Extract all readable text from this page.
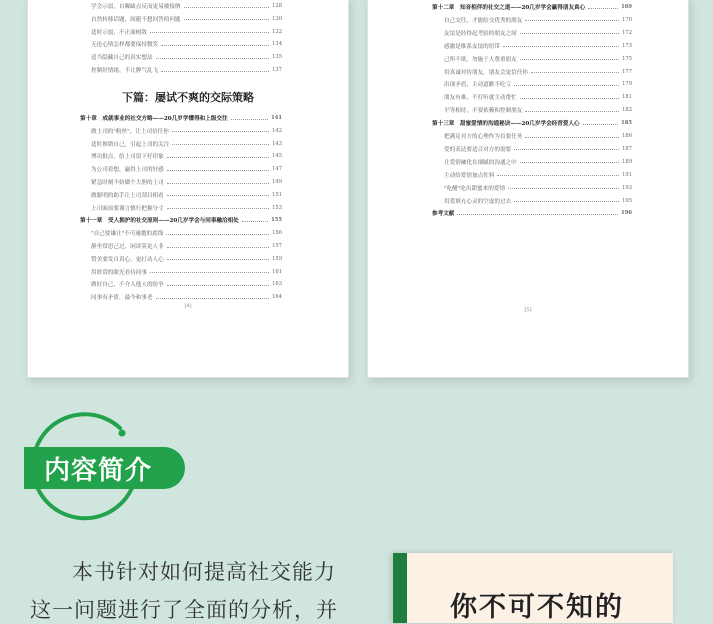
学会示弱，自曝缺点反而更易被接纳	128
自然转移话题，间避不想回答的问题	130
适时示弱，不正面树敌	132
无论心情怎样都要保持微笑	134
适当隐藏自己的真实想法	135
控制好情绪，不让脾气乱飞	137
第十章　成就事业的社交方略——20几岁学懂得和上级交往	141
做上司的"粉丝"，让上司信任你	142
适时推销自己，引起上司的关注	143
博功批点，给上司留下好印象	145
为公司着想，赢得上司的好感	147
紧急时刻不妨做个大胆的上司	149
做聪明的助手让上司刮目相看	151
上司面前要谨言慎行把握分寸	153
第十一章　受人拥护的社交原则——20几岁学会与同事融洽相处	155
"自己要谦让"不可逾越的底线	156
静坐常思己过，闲谈莫论人非	157
赞美要发自真心，更打动人心	159
用欣赏的眼光看待同事	161
做好自己，不介入他人的纷争	163
同事有矛盾，最今和事老	164
下篇：屡试不爽的交际策略
[4]
第十二章　知音相伴的社交之道——20几岁学会赢得朋友真心	169
自己交往，才能结交优秀的朋友	170
友谊是经得起考验的朋友之间	172
感激是维系友谊的纽带	173
己所不欲，勿施于人尊重朋友	175
用真诚对待朋友，朋友会更信任你	177
出现矛盾，主动道歉不吃亏	179
朋友有难，不打听就主动帮忙	181
平等相待，不要依赖和控制朋友	182
第十三章　甜蜜爱情的沟通秘诀——20几岁学会经营爱人心	185
把满足对方的心理作为首要任务	186
爱的表达要适合对方的需要	187
让爱情融化在细腻的沟通之中	189
主动给爱情加点佐料	191
"吃醋"吃出甜蜜来的爱情	193
用爱填充心灵的空虚的过去	195
参考文献	196
[5]
内容简介
本书针对如何提高社交能力
这一问题进行了全面的分析，并	你不可不知的
